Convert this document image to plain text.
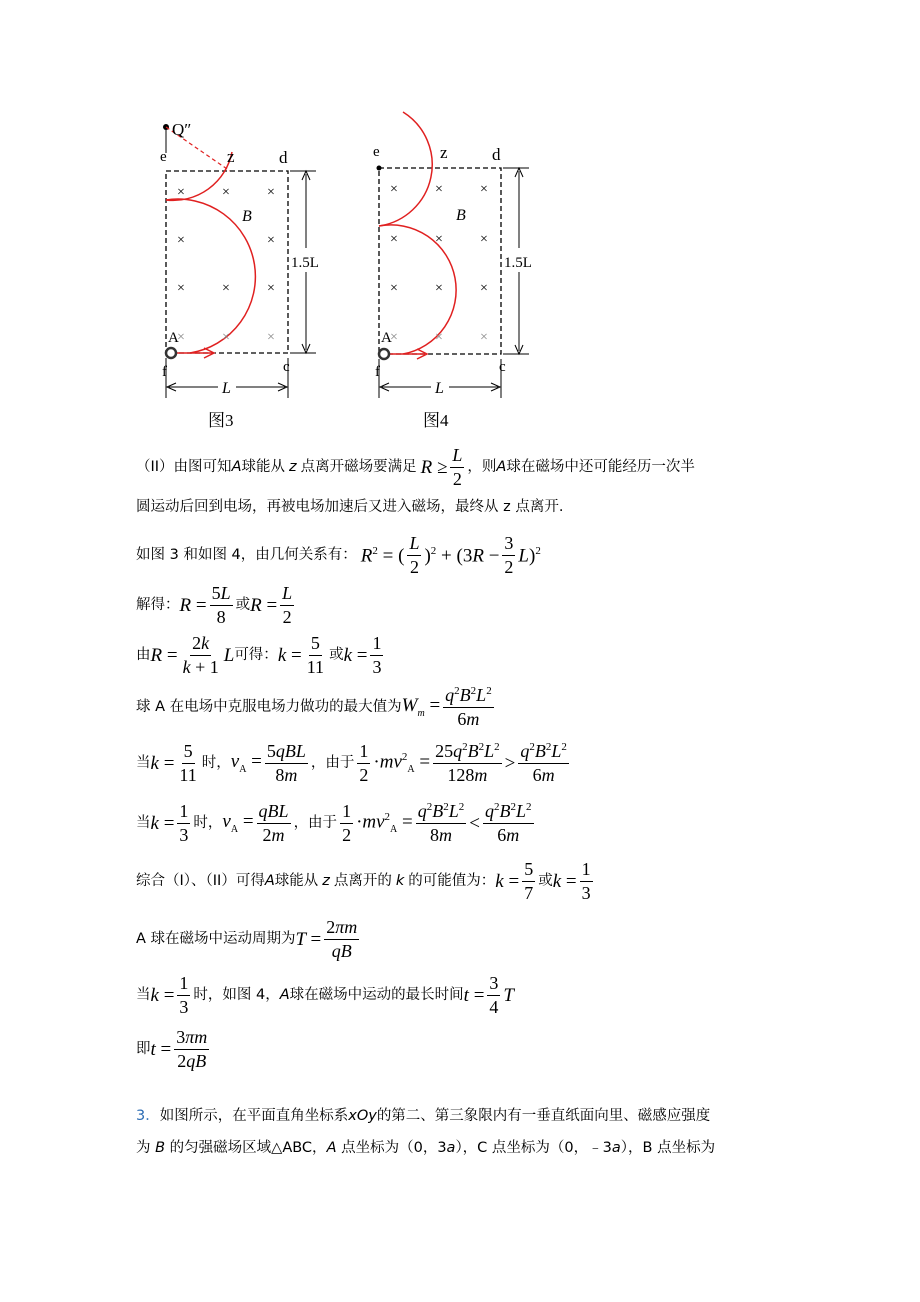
×	×	×
×	×
×	×	×
×	×	×
1.5L
L
Q″
e	z	d
B
A
f	c
图3
×	×	×
×	×	×
×	×	×
×	×	×
1.5L
L
e	z	d
B
A
f	c
图4
（II）由图可知 A 球能从 z 点离开磁场要满足 $R \ge \frac{L}{2}$ ，则 A 球在磁场中还可能经历一次半
圆运动后回到电场，再被电场加速后又进入磁场，最终从 z 点离开.
如图 3 和如图 4，由几何关系有： $R^2$ = ( $\frac{L}{2} )^2 + (3R - \frac{3}{2} L)^2$
解得： $R = \frac{5L}{8}$ 或 $R = \frac{L}{2}$
由 $R = \frac{2k}{k + 1}$ L 可得： $k = \frac{5}{11}$ 或 $k = \frac{1}{3}$
球 A 在电场中克服电场力做功的最大值为 $W_m = \frac{q^2B^2L^2}{6m}$
当 $k = \frac{5}{11}$ 时， $v_A = \frac{\text{5qBL}}{8m}$ ，由于 $\frac{1}{2} \cdot mv^2_A = \frac{25q^2B^2L^2}{128m} > \frac{q^2B^2L^2}{6m}$
当 $k = \frac{1}{3}$ 时， $v_A = \frac{\text{qBL}}{2m}$ ，由于 $\frac{1}{2} \cdot mv^2_A = \frac{q^2B^2L^2}{8m} < \frac{q^2B^2L^2}{6m}$
综合（I）、（II）可得 A 球能从 z 点离开的 k 的可能值为： $k = \frac{5}{7}$ 或 $k = \frac{1}{3}$
A 球在磁场中运动周期为 $T = \frac{2\pi m}{qB}$
当 $k = \frac{1}{3}$ 时，如图 4， A 球在磁场中运动的最长时间 $t = \frac{3}{4}$ T
即 $t = \frac{3\pi m}{2qB}$
3．如图所示，在平面直角坐标系xOy的第二、第三象限内有一垂直纸面向里、磁感应强度
为 B 的匀强磁场区域△ABC，A 点坐标为（0，3a），C 点坐标为（0，﹣3a），B 点坐标为
